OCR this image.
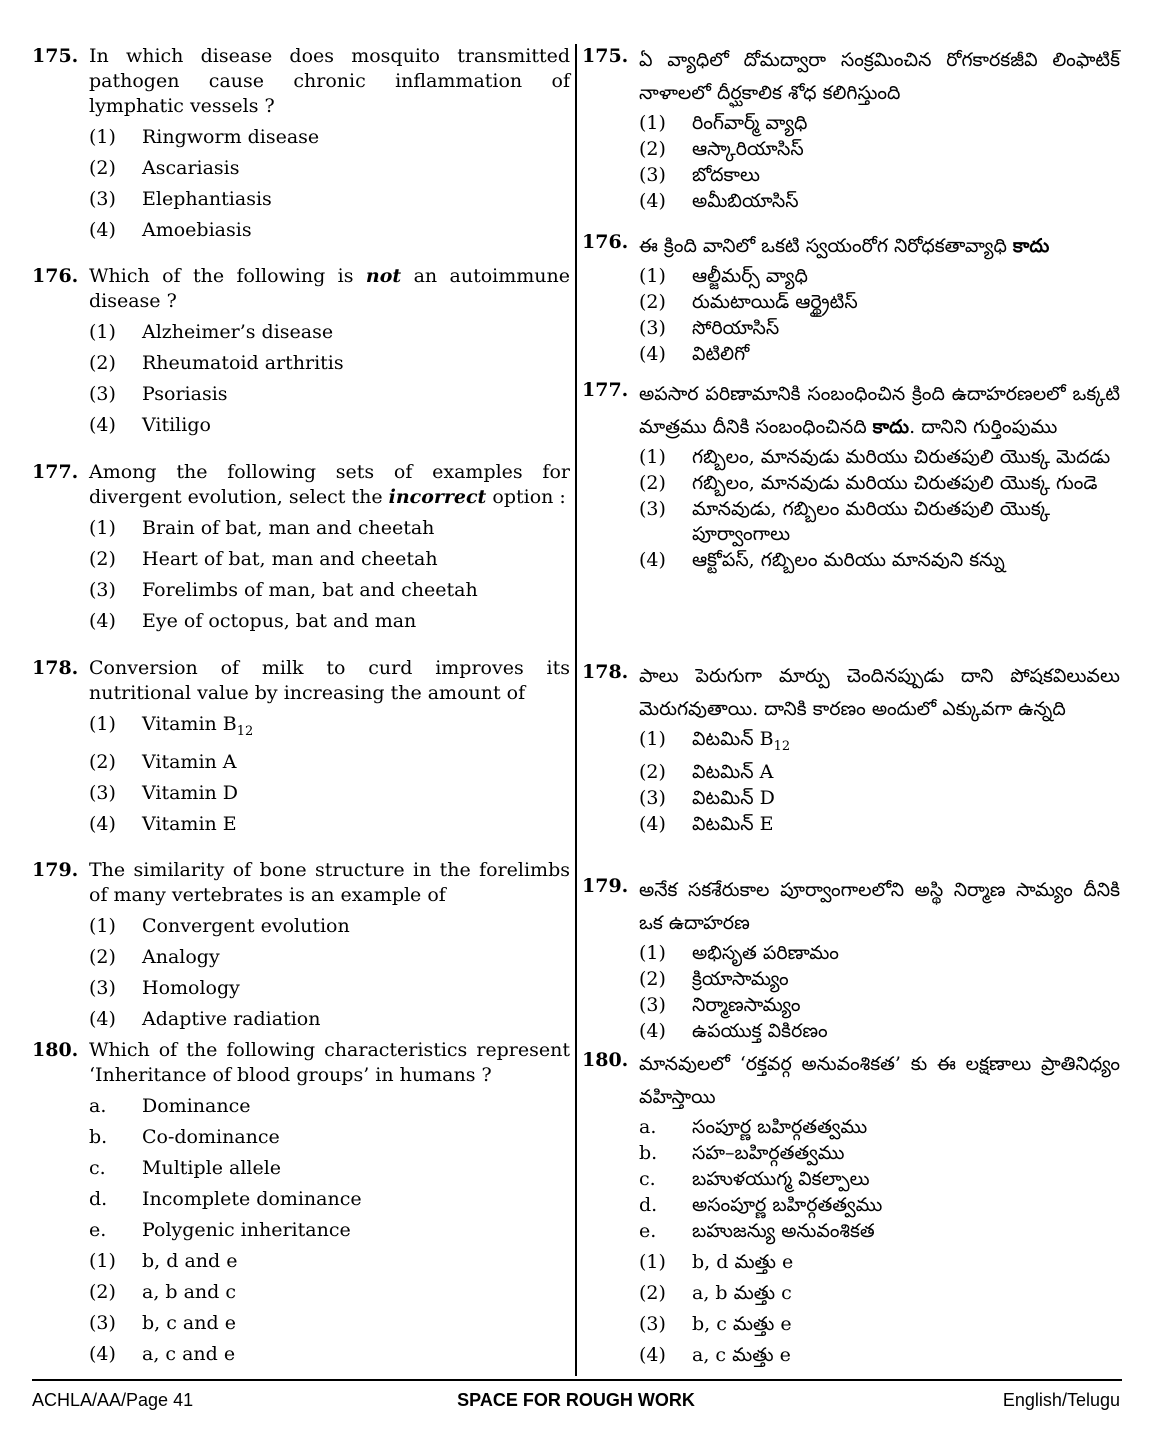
175. In which disease does mosquito transmitted pathogen cause chronic inflammation of lymphatic vessels ?
(1) Ringworm disease
(2) Ascariasis
(3) Elephantiasis
(4) Amoebiasis
176. Which of the following is not an autoimmune disease ?
(1) Alzheimer’s disease
(2) Rheumatoid arthritis
(3) Psoriasis
(4) Vitiligo
177. Among the following sets of examples for divergent evolution, select the incorrect option :
(1) Brain of bat, man and cheetah
(2) Heart of bat, man and cheetah
(3) Forelimbs of man, bat and cheetah
(4) Eye of octopus, bat and man
178. Conversion of milk to curd improves its nutritional value by increasing the amount of
(1) Vitamin $B_{12}$
(2) Vitamin A
(3) Vitamin D
(4) Vitamin E
179. The similarity of bone structure in the forelimbs of many vertebrates is an example of
(1) Convergent evolution
(2) Analogy
(3) Homology
(4) Adaptive radiation
180. Which of the following characteristics represent ‘Inheritance of blood groups’ in humans ?
a. Dominance
b. Co-dominance
c. Multiple allele
d. Incomplete dominance
e. Polygenic inheritance
(1) b, d and e
(2) a, b and c
(3) b, c and e
(4) a, c and e
175. ఏ వ్యాధిలో దోమద్వారా సంక్రమించిన రోగకారకజీవి లింఫాటిక్ నాళాలలో దీర్ఘకాలిక శోధ కలిగిస్తుంది
(1) రింగ్‌వార్మ్ వ్యాధి
(2) ఆస్కారియాసిస్
(3) బోదకాలు
(4) అమీబియాసిస్
176. ఈ క్రింది వానిలో ఒకటి స్వయంరోగ నిరోధకతావ్యాధి కాదు
(1) ఆల్జీమర్స్ వ్యాధి
(2) రుమటాయిడ్ ఆర్థ్రైటిస్
(3) సోరియాసిస్
(4) విటిలిగో
177. అపసార పరిణామానికి సంబంధించిన క్రింది ఉదాహరణలలో ఒక్కటి మాత్రము దీనికి సంబంధించినది కాదు. దానిని గుర్తింపుము
(1) గబ్బిలం, మానవుడు మరియు చిరుతపులి యొక్క మెదడు
(2) గబ్బిలం, మానవుడు మరియు చిరుతపులి యొక్క గుండె
(3) మానవుడు, గబ్బిలం మరియు చిరుతపులి యొక్క పూర్వాంగాలు
(4) ఆక్టోపస్, గబ్బిలం మరియు మానవుని కన్ను
178. పాలు పెరుగుగా మార్పు చెందినప్పుడు దాని పోషకవిలువలు మెరుగవుతాయి. దానికి కారణం అందులో ఎక్కువగా ఉన్నది
(1) విటమిన్ $B_{12}$
(2) విటమిన్ A
(3) విటమిన్ D
(4) విటమిన్ E
179. అనేక సకశేరుకాల పూర్వాంగాలలోని అస్థి నిర్మాణ సామ్యం దీనికి ఒక ఉదాహరణ
(1) అభిసృత పరిణామం
(2) క్రియాసామ్యం
(3) నిర్మాణసామ్యం
(4) ఉపయుక్త వికిరణం
180. మానవులలో ‘రక్తవర్గ అనువంశికత’ కు ఈ లక్షణాలు ప్రాతినిధ్యం వహిస్తాయి
a. సంపూర్ణ బహిర్గతత్వము
b. సహ–బహిర్గతత్వము
c. బహుళయుగ్మ వికల్పాలు
d. అసంపూర్ణ బహిర్గతత్వము
e. బహుజన్యు అనువంశికత
(1) b, d మత్తు e
(2) a, b మత్తు c
(3) b, c మత్తు e
(4) a, c మత్తు e
ACHLA/AA/Page 41	SPACE FOR ROUGH WORK	English/Telugu
